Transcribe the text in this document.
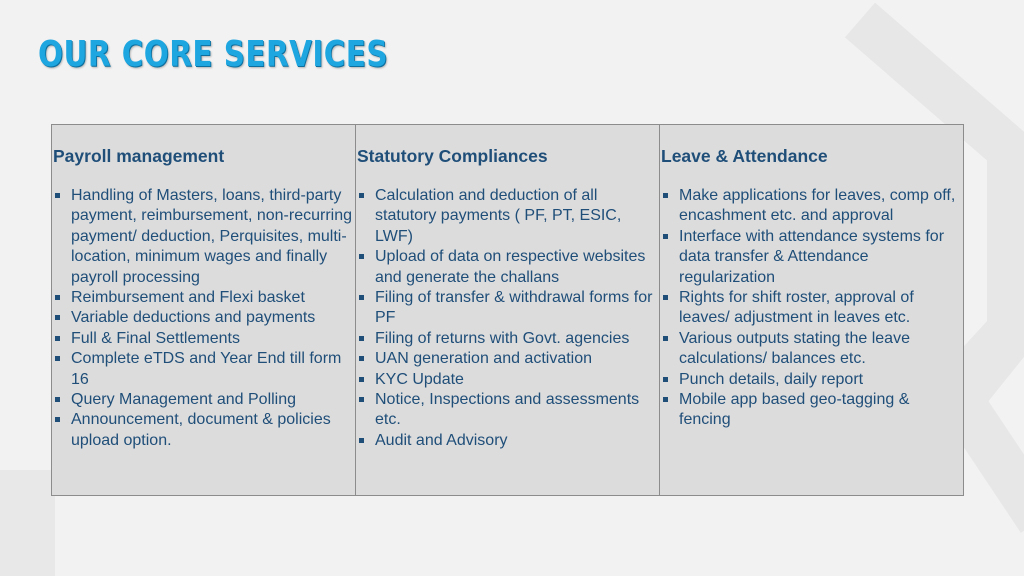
OUR CORE SERVICES
Payroll management
Handling of Masters, loans, third-party payment, reimbursement, non-recurring payment/ deduction, Perquisites, multi-location, minimum wages and finally payroll processing
Reimbursement and Flexi basket
Variable deductions and payments
Full & Final Settlements
Complete eTDS and Year End till form 16
Query Management and Polling
Announcement, document & policies upload option.
Statutory Compliances
Calculation and deduction of all statutory payments ( PF, PT, ESIC, LWF)
Upload of data on respective websites and generate the challans
Filing of transfer & withdrawal forms for PF
Filing of returns with Govt. agencies
UAN generation and activation
KYC Update
Notice, Inspections and assessments etc.
Audit and Advisory
Leave & Attendance
Make applications for leaves, comp off, encashment etc. and approval
Interface with attendance systems for data transfer & Attendance regularization
Rights for shift roster, approval of leaves/ adjustment in leaves etc.
Various outputs stating the leave calculations/ balances etc.
Punch details, daily report
Mobile app based geo-tagging & fencing
